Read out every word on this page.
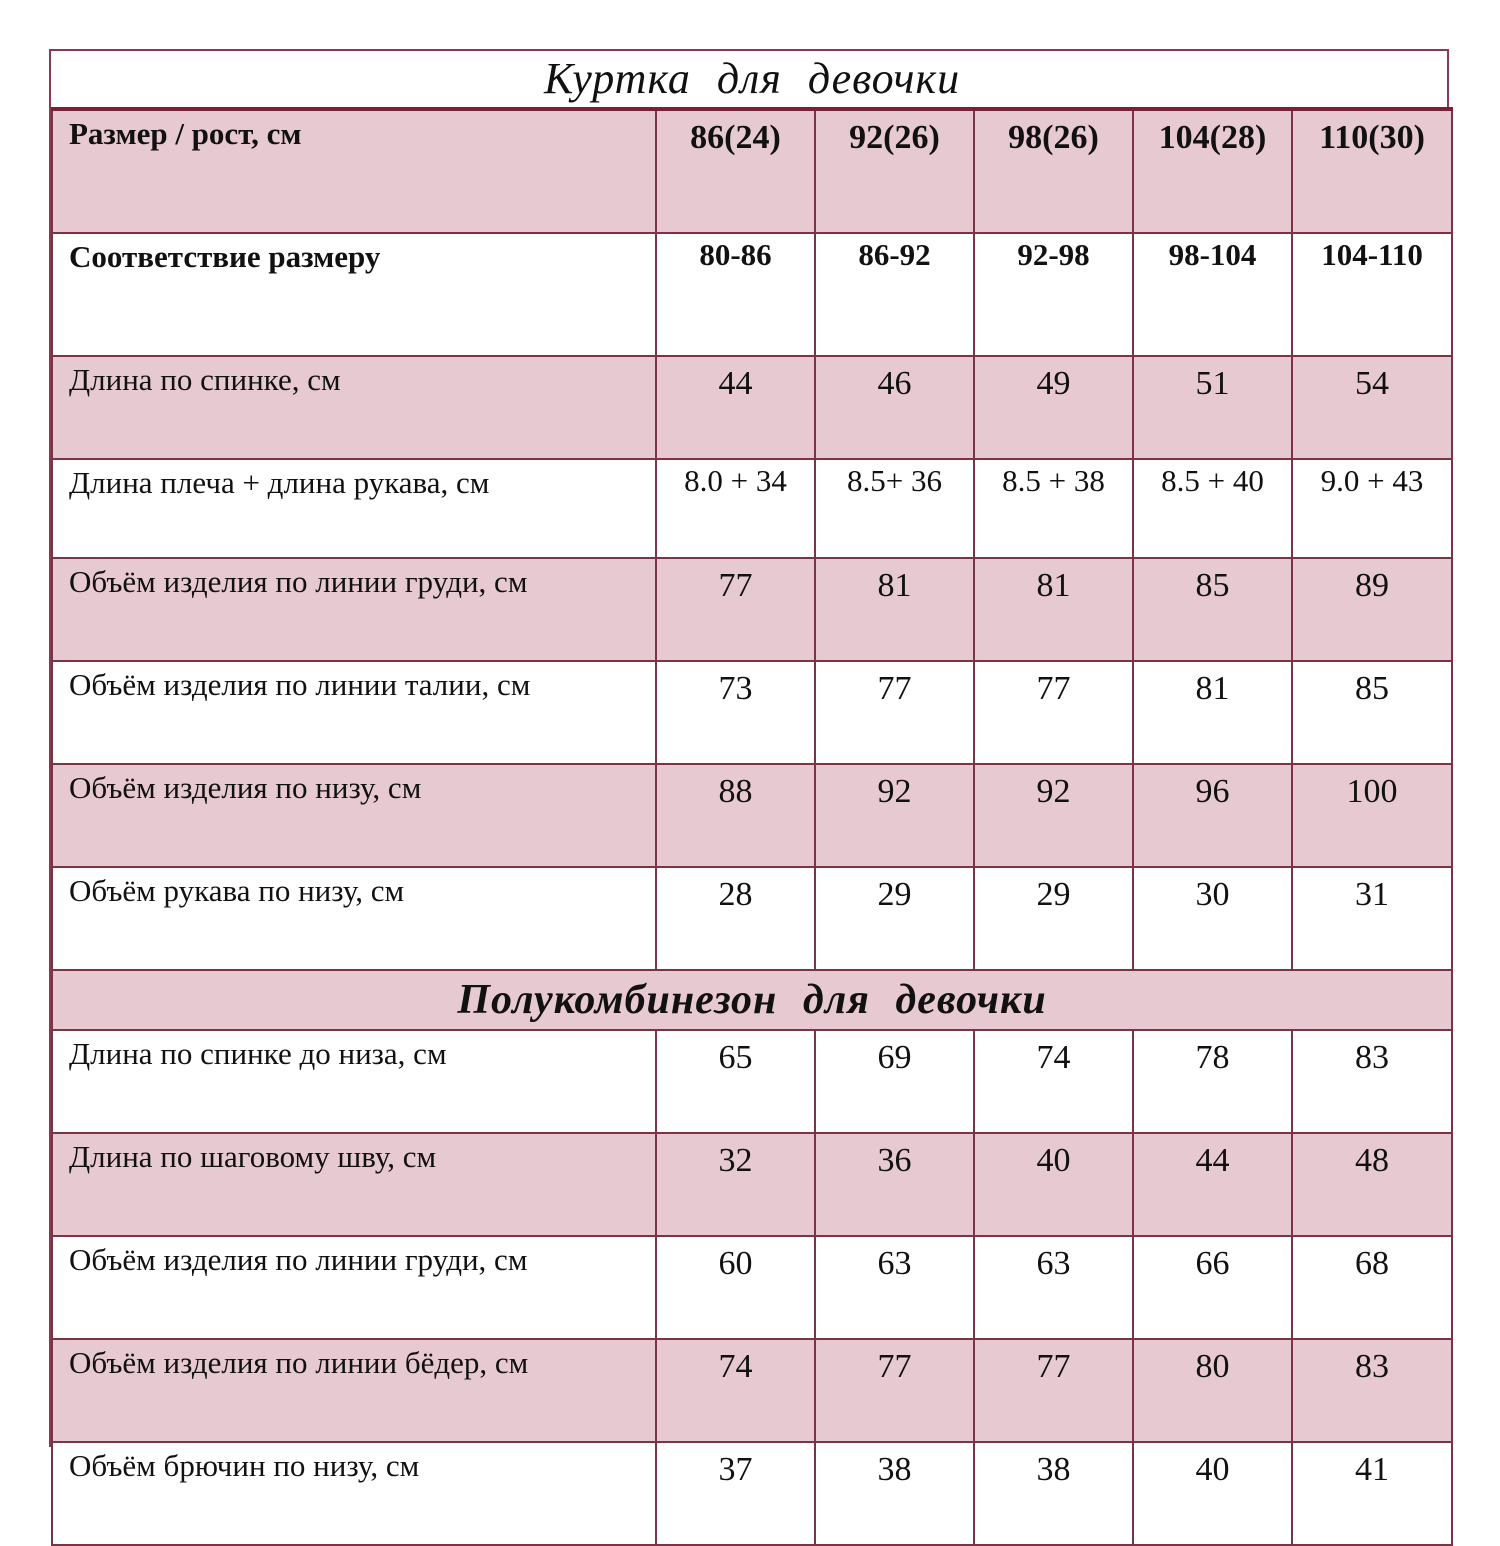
Куртка для девочки					
Размер / рост, см	86(24)	92(26)	98(26)	104(28)	110(30)
Соответствие размеру	80-86	86-92	92-98	98-104	104-110
Длина по спинке, см	44	46	49	51	54
Длина плеча + длина рукава, см	8.0 + 34	8.5+ 36	8.5 + 38	8.5 + 40	9.0 + 43
Объём изделия по линии груди, см	77	81	81	85	89
Объём изделия по линии талии, см	73	77	77	81	85
Объём изделия по низу, см	88	92	92	96	100
Объём рукава по низу, см	28	29	29	30	31
Полукомбинезон для девочки					
Длина по спинке до низа, см	65	69	74	78	83
Длина по шаговому шву, см	32	36	40	44	48
Объём изделия по линии груди, см	60	63	63	66	68
Объём изделия по линии бёдер, см	74	77	77	80	83
Объём брючин по низу, см	37	38	38	40	41
